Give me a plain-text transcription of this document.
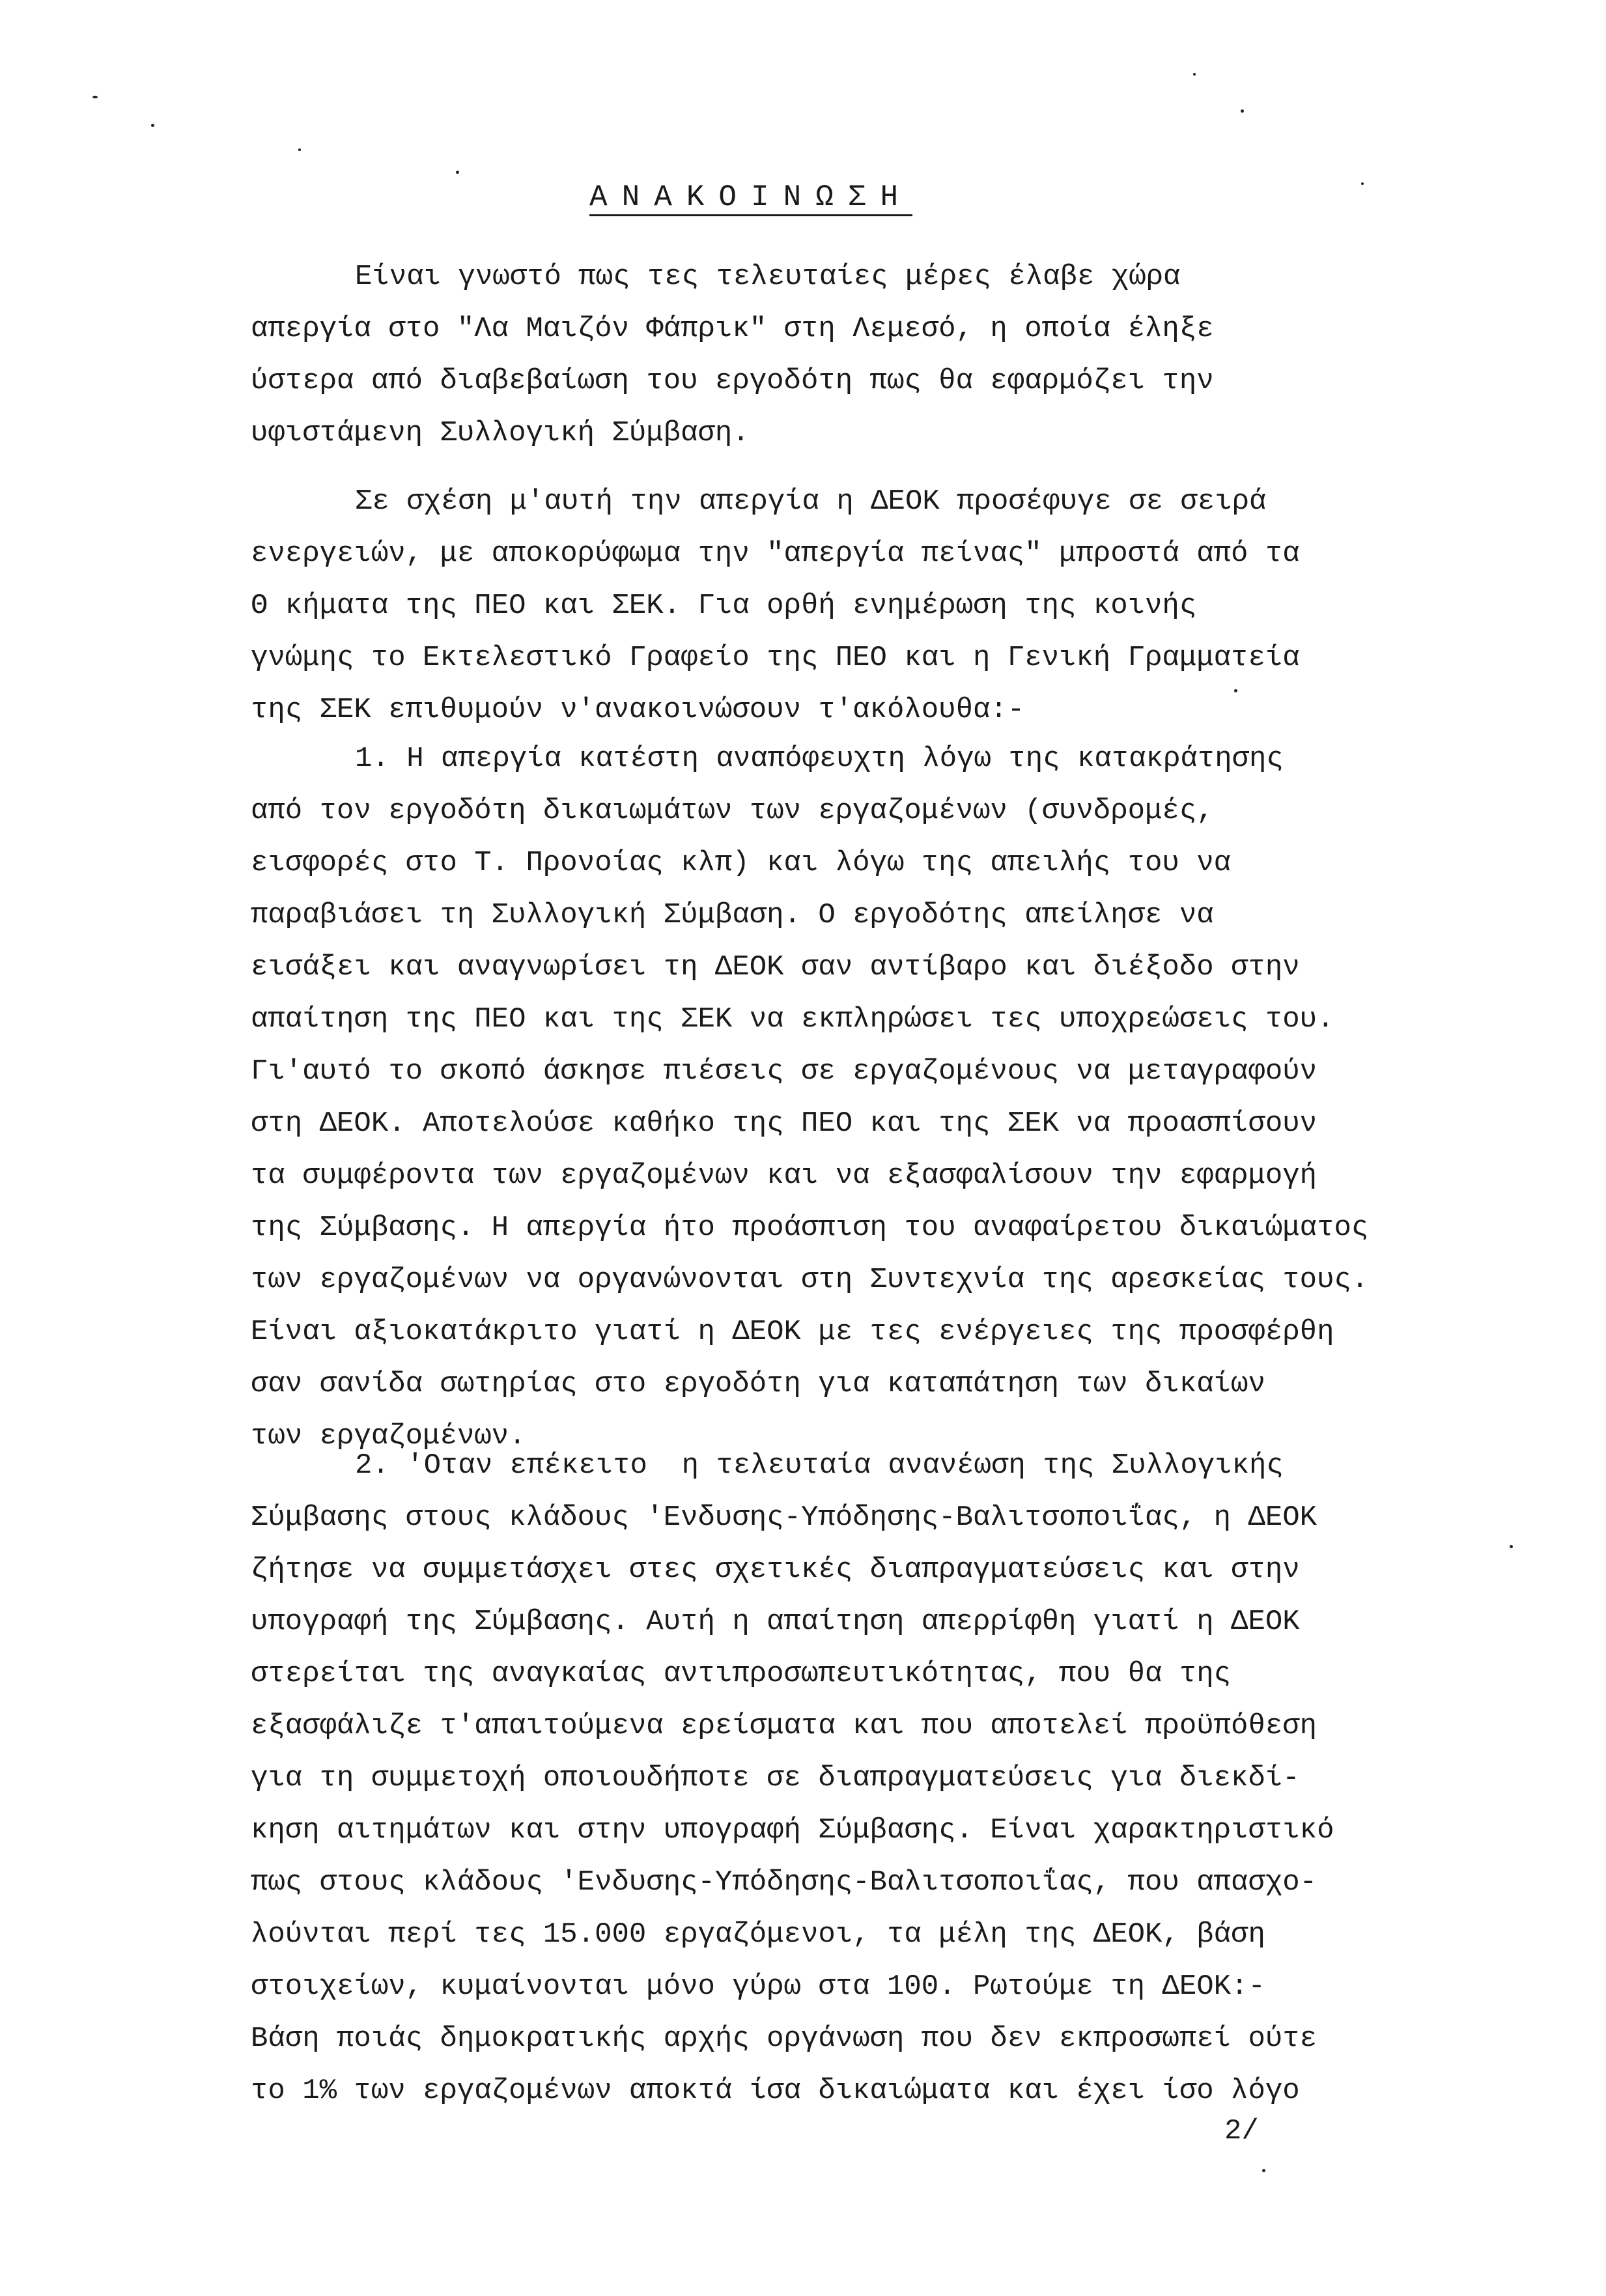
ΑΝΑΚΟΙΝΩΣΗ
Είναι γνωστό πως τες τελευταίες μέρες έλαβε χώρα
απεργία στο "Λα Μαιζόν Φάπρικ" στη Λεμεσό, η οποία έληξε
ύστερα από διαβεβαίωση του εργοδότη πως θα εφαρμόζει την
υφιστάμενη Συλλογική Σύμβαση.
Σε σχέση μ'αυτή την απεργία η ΔΕΟΚ προσέφυγε σε σειρά
ενεργειών, με αποκορύφωμα την "απεργία πείνας" μπροστά από τα
Θ κήματα της ΠΕΟ και ΣΕΚ. Για ορθή ενημέρωση της κοινής
γνώμης το Εκτελεστικό Γραφείο της ΠΕΟ και η Γενική Γραμματεία
της ΣΕΚ επιθυμούν ν'ανακοινώσουν τ'ακόλουθα:-
1. Η απεργία κατέστη αναπόφευχτη λόγω της κατακράτησης
από τον εργοδότη δικαιωμάτων των εργαζομένων (συνδρομές,
εισφορές στο Τ. Προνοίας κλπ) και λόγω της απειλής του να
παραβιάσει τη Συλλογική Σύμβαση. Ο εργοδότης απείλησε να
εισάξει και αναγνωρίσει τη ΔΕΟΚ σαν αντίβαρο και διέξοδο στην
απαίτηση της ΠΕΟ και της ΣΕΚ να εκπληρώσει τες υποχρεώσεις του.
Γι'αυτό το σκοπό άσκησε πιέσεις σε εργαζομένους να μεταγραφούν
στη ΔΕΟΚ. Αποτελούσε καθήκο της ΠΕΟ και της ΣΕΚ να προασπίσουν
τα συμφέροντα των εργαζομένων και να εξασφαλίσουν την εφαρμογή
της Σύμβασης. Η απεργία ήτο προάσπιση του αναφαίρετου δικαιώματος
των εργαζομένων να οργανώνονται στη Συντεχνία της αρεσκείας τους.
Είναι αξιοκατάκριτο γιατί η ΔΕΟΚ με τες ενέργειες της προσφέρθη
σαν σανίδα σωτηρίας στο εργοδότη για καταπάτηση των δικαίων
των εργαζομένων.
2. 'Οταν επέκειτο  η τελευταία ανανέωση της Συλλογικής
Σύμβασης στους κλάδους 'Ενδυσης-Υπόδησης-Βαλιτσοποιΐας, η ΔΕΟΚ
ζήτησε να συμμετάσχει στες σχετικές διαπραγματεύσεις και στην
υπογραφή της Σύμβασης. Αυτή η απαίτηση απερρίφθη γιατί η ΔΕΟΚ
στερείται της αναγκαίας αντιπροσωπευτικότητας, που θα της
εξασφάλιζε τ'απαιτούμενα ερείσματα και που αποτελεί προϋπόθεση
για τη συμμετοχή οποιουδήποτε σε διαπραγματεύσεις για διεκδί-
κηση αιτημάτων και στην υπογραφή Σύμβασης. Είναι χαρακτηριστικό
πως στους κλάδους 'Ενδυσης-Υπόδησης-Βαλιτσοποιΐας, που απασχο-
λούνται περί τες 15.000 εργαζόμενοι, τα μέλη της ΔΕΟΚ, βάση
στοιχείων, κυμαίνονται μόνο γύρω στα 100. Ρωτούμε τη ΔΕΟΚ:-
Βάση ποιάς δημοκρατικής αρχής οργάνωση που δεν εκπροσωπεί ούτε
το 1% των εργαζομένων αποκτά ίσα δικαιώματα και έχει ίσο λόγο
2/
